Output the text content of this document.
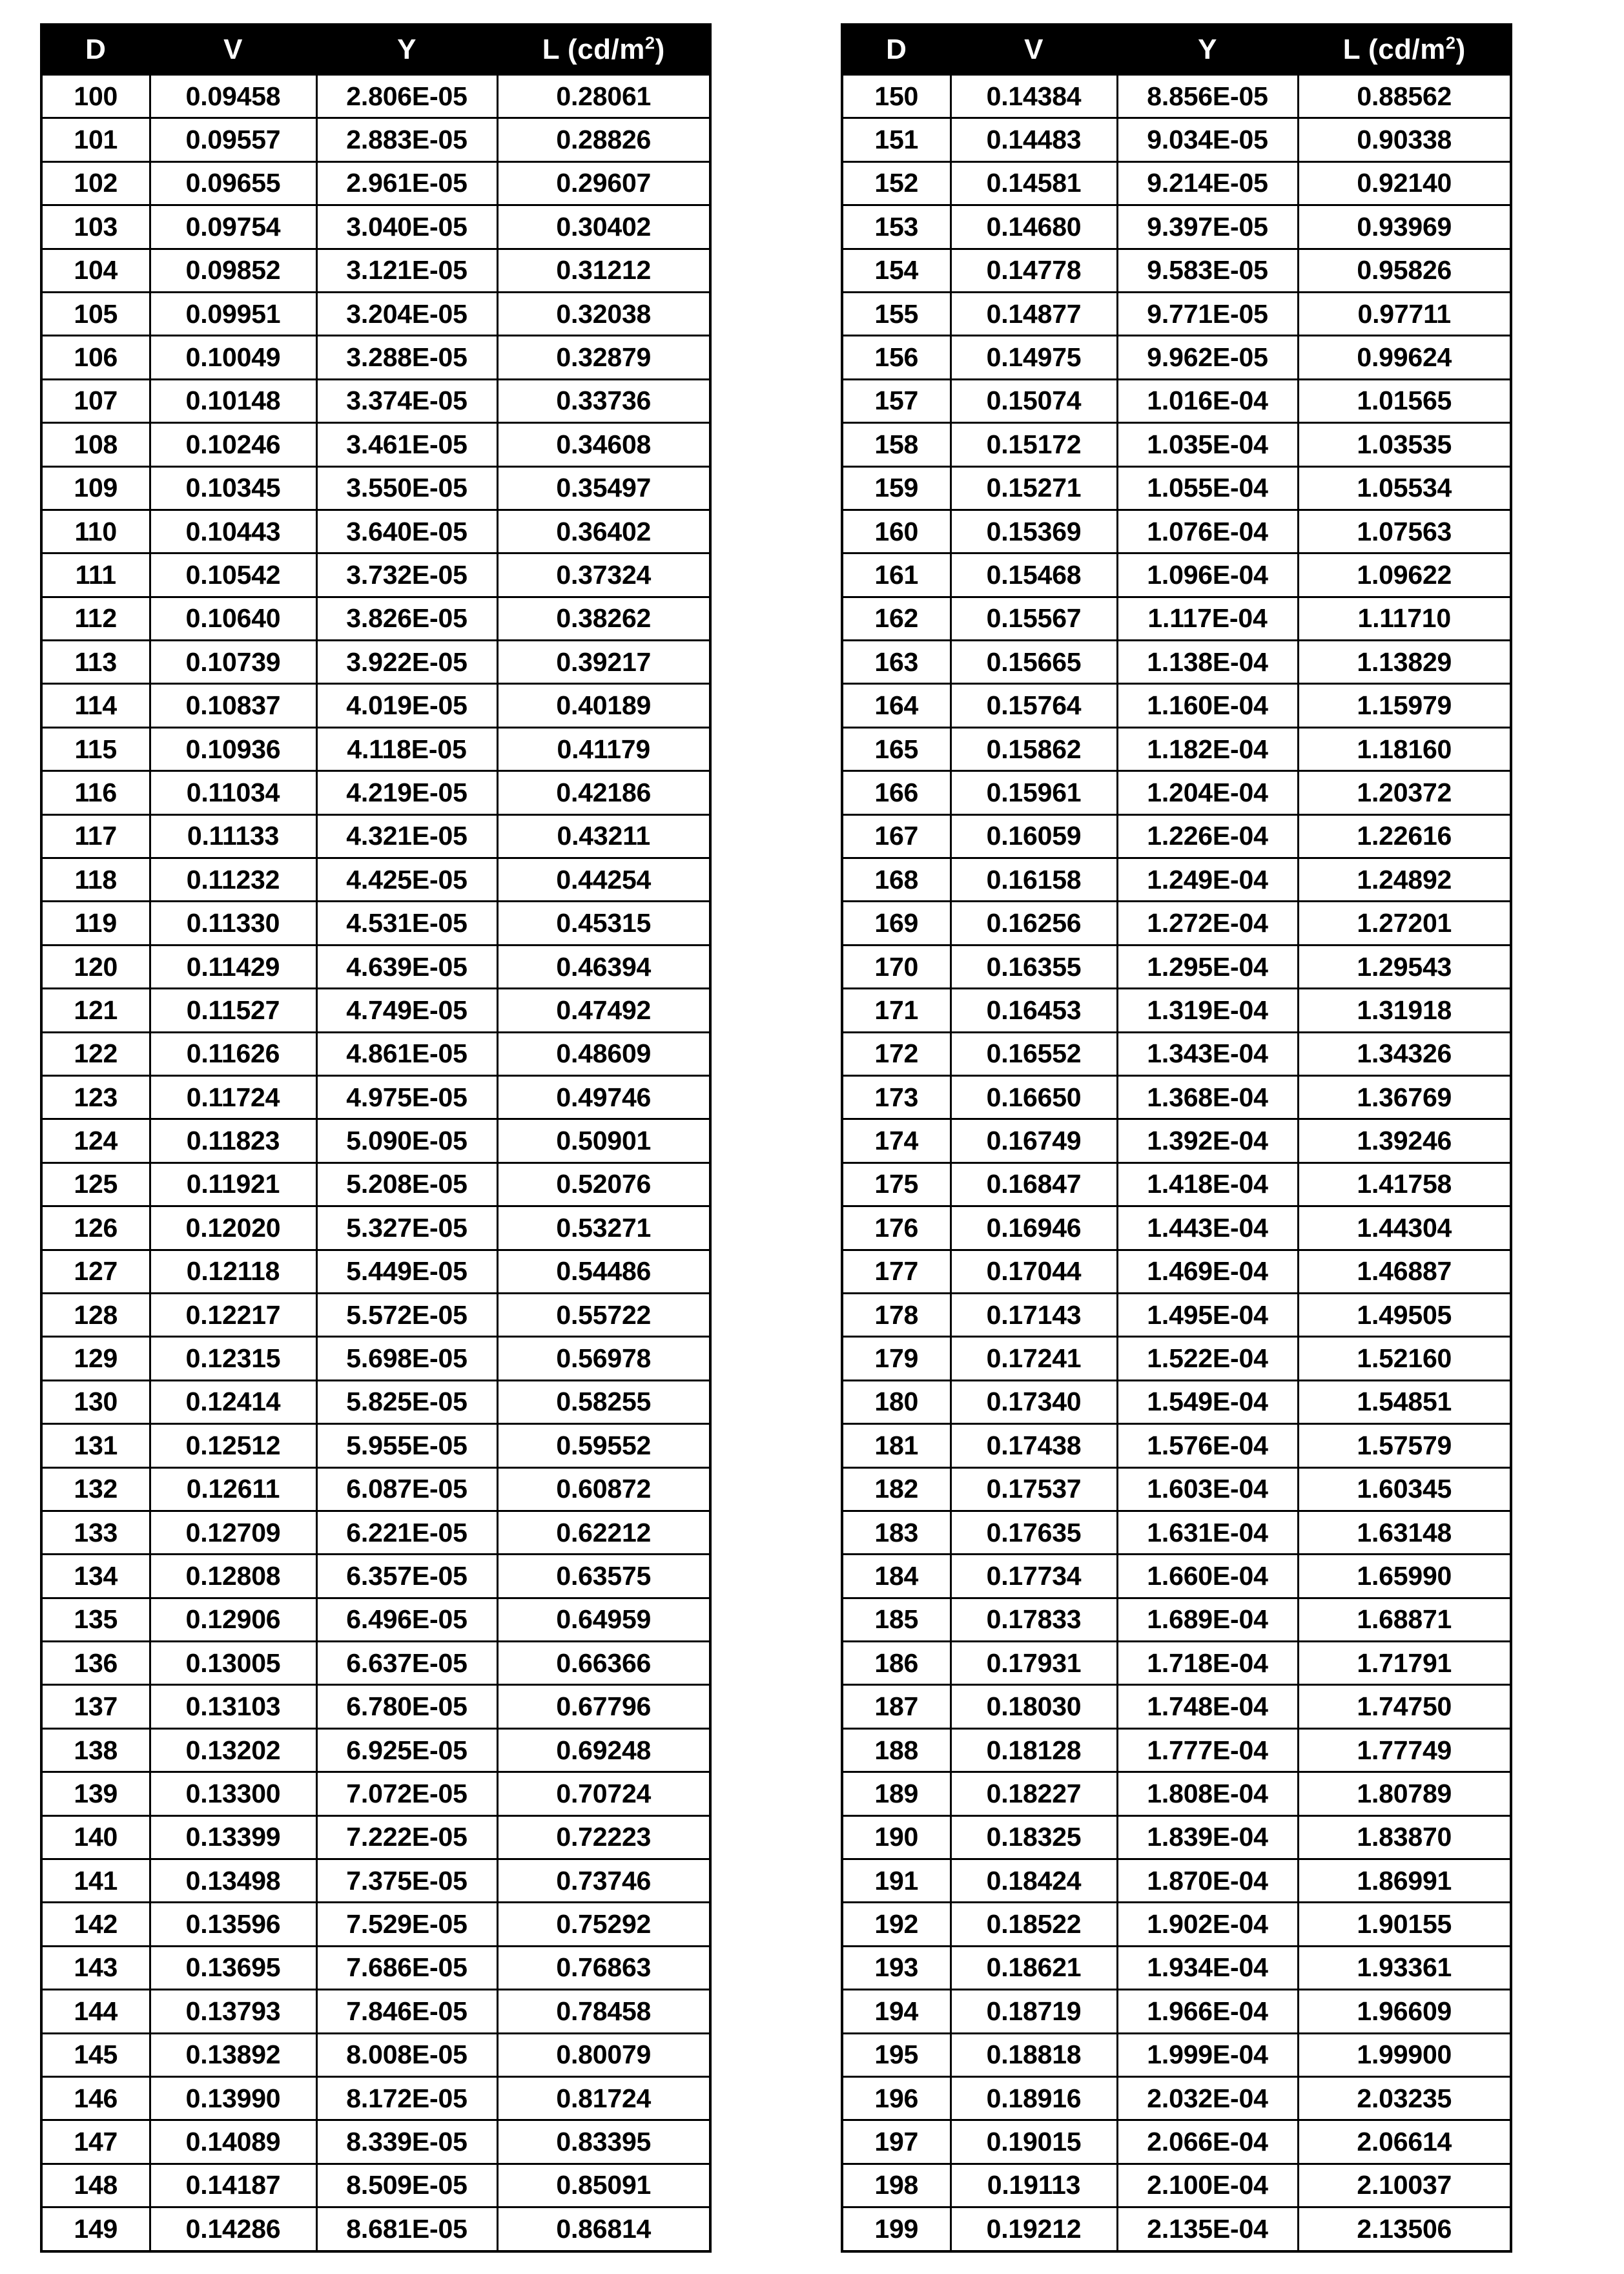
D	V	Y	L $(cd/m^2)$
100	0.09458	2.806E-05	0.28061
101	0.09557	2.883E-05	0.28826
102	0.09655	2.961E-05	0.29607
103	0.09754	3.040E-05	0.30402
104	0.09852	3.121E-05	0.31212
105	0.09951	3.204E-05	0.32038
106	0.10049	3.288E-05	0.32879
107	0.10148	3.374E-05	0.33736
108	0.10246	3.461E-05	0.34608
109	0.10345	3.550E-05	0.35497
110	0.10443	3.640E-05	0.36402
111	0.10542	3.732E-05	0.37324
112	0.10640	3.826E-05	0.38262
113	0.10739	3.922E-05	0.39217
114	0.10837	4.019E-05	0.40189
115	0.10936	4.118E-05	0.41179
116	0.11034	4.219E-05	0.42186
117	0.11133	4.321E-05	0.43211
118	0.11232	4.425E-05	0.44254
119	0.11330	4.531E-05	0.45315
120	0.11429	4.639E-05	0.46394
121	0.11527	4.749E-05	0.47492
122	0.11626	4.861E-05	0.48609
123	0.11724	4.975E-05	0.49746
124	0.11823	5.090E-05	0.50901
125	0.11921	5.208E-05	0.52076
126	0.12020	5.327E-05	0.53271
127	0.12118	5.449E-05	0.54486
128	0.12217	5.572E-05	0.55722
129	0.12315	5.698E-05	0.56978
130	0.12414	5.825E-05	0.58255
131	0.12512	5.955E-05	0.59552
132	0.12611	6.087E-05	0.60872
133	0.12709	6.221E-05	0.62212
134	0.12808	6.357E-05	0.63575
135	0.12906	6.496E-05	0.64959
136	0.13005	6.637E-05	0.66366
137	0.13103	6.780E-05	0.67796
138	0.13202	6.925E-05	0.69248
139	0.13300	7.072E-05	0.70724
140	0.13399	7.222E-05	0.72223
141	0.13498	7.375E-05	0.73746
142	0.13596	7.529E-05	0.75292
143	0.13695	7.686E-05	0.76863
144	0.13793	7.846E-05	0.78458
145	0.13892	8.008E-05	0.80079
146	0.13990	8.172E-05	0.81724
147	0.14089	8.339E-05	0.83395
148	0.14187	8.509E-05	0.85091
149	0.14286	8.681E-05	0.86814
D	V	Y	L $(cd/m^2)$
150	0.14384	8.856E-05	0.88562
151	0.14483	9.034E-05	0.90338
152	0.14581	9.214E-05	0.92140
153	0.14680	9.397E-05	0.93969
154	0.14778	9.583E-05	0.95826
155	0.14877	9.771E-05	0.97711
156	0.14975	9.962E-05	0.99624
157	0.15074	1.016E-04	1.01565
158	0.15172	1.035E-04	1.03535
159	0.15271	1.055E-04	1.05534
160	0.15369	1.076E-04	1.07563
161	0.15468	1.096E-04	1.09622
162	0.15567	1.117E-04	1.11710
163	0.15665	1.138E-04	1.13829
164	0.15764	1.160E-04	1.15979
165	0.15862	1.182E-04	1.18160
166	0.15961	1.204E-04	1.20372
167	0.16059	1.226E-04	1.22616
168	0.16158	1.249E-04	1.24892
169	0.16256	1.272E-04	1.27201
170	0.16355	1.295E-04	1.29543
171	0.16453	1.319E-04	1.31918
172	0.16552	1.343E-04	1.34326
173	0.16650	1.368E-04	1.36769
174	0.16749	1.392E-04	1.39246
175	0.16847	1.418E-04	1.41758
176	0.16946	1.443E-04	1.44304
177	0.17044	1.469E-04	1.46887
178	0.17143	1.495E-04	1.49505
179	0.17241	1.522E-04	1.52160
180	0.17340	1.549E-04	1.54851
181	0.17438	1.576E-04	1.57579
182	0.17537	1.603E-04	1.60345
183	0.17635	1.631E-04	1.63148
184	0.17734	1.660E-04	1.65990
185	0.17833	1.689E-04	1.68871
186	0.17931	1.718E-04	1.71791
187	0.18030	1.748E-04	1.74750
188	0.18128	1.777E-04	1.77749
189	0.18227	1.808E-04	1.80789
190	0.18325	1.839E-04	1.83870
191	0.18424	1.870E-04	1.86991
192	0.18522	1.902E-04	1.90155
193	0.18621	1.934E-04	1.93361
194	0.18719	1.966E-04	1.96609
195	0.18818	1.999E-04	1.99900
196	0.18916	2.032E-04	2.03235
197	0.19015	2.066E-04	2.06614
198	0.19113	2.100E-04	2.10037
199	0.19212	2.135E-04	2.13506
